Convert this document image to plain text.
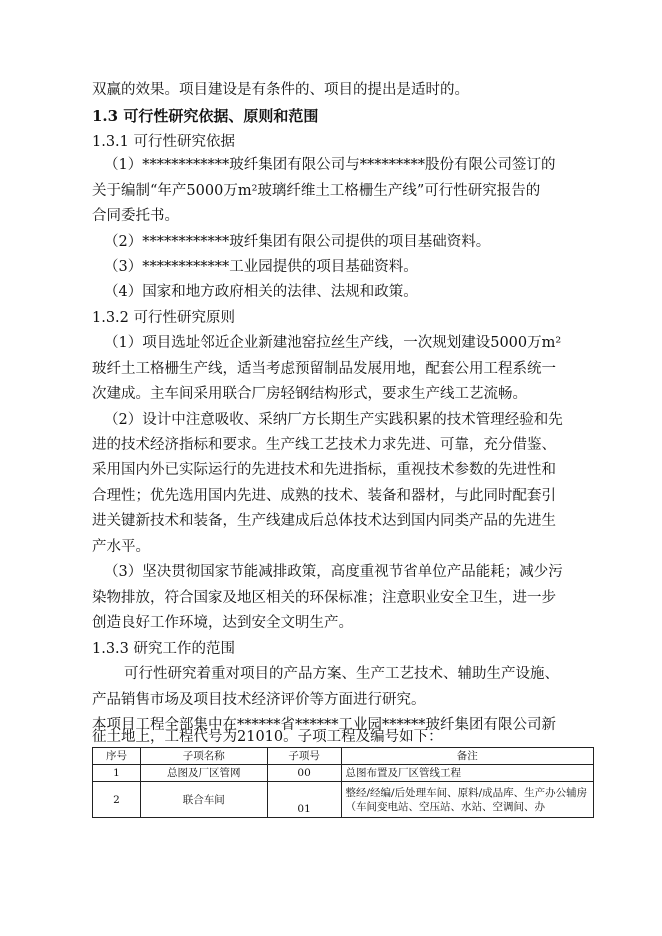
双赢的效果。项目建设是有条件的、项目的提出是适时的。
1.3 可行性研究依据、原则和范围
1.3.1 可行性研究依据
（1）************玻纤集团有限公司与*********股份有限公司签订的
关于编制“年产5000万m²玻璃纤维土工格栅生产线”可行性研究报告的
合同委托书。
（2）************玻纤集团有限公司提供的项目基础资料。
（3）************工业园提供的项目基础资料。
（4）国家和地方政府相关的法律、法规和政策。
1.3.2 可行性研究原则
（1）项目选址邻近企业新建池窑拉丝生产线，一次规划建设5000万m²
玻纤土工格栅生产线，适当考虑预留制品发展用地，配套公用工程系统一
次建成。主车间采用联合厂房轻钢结构形式，要求生产线工艺流畅。
（2）设计中注意吸收、采纳厂方长期生产实践积累的技术管理经验和先
进的技术经济指标和要求。生产线工艺技术力求先进、可靠，充分借鉴、
采用国内外已实际运行的先进技术和先进指标，重视技术参数的先进性和
合理性；优先选用国内先进、成熟的技术、装备和器材，与此同时配套引
进关键新技术和装备，生产线建成后总体技术达到国内同类产品的先进生
产水平。
（3）坚决贯彻国家节能减排政策，高度重视节省单位产品能耗；减少污
染物排放，符合国家及地区相关的环保标准；注意职业安全卫生，进一步
创造良好工作环境，达到安全文明生产。
1.3.3 研究工作的范围
可行性研究着重对项目的产品方案、生产工艺技术、辅助生产设施、
产品销售市场及项目技术经济评价等方面进行研究。
本项目工程全部集中在******省******工业园******玻纤集团有限公司新
征土地上，工程代号为21010。子项工程及编号如下：
序号	子项名称	子项号	备注
1	总图及厂区管网	00	总图布置及厂区管线工程
2	联合车间	01	整经/经编/后处理车间、原料/成品库、生产办公辅房（车间变电站、空压站、水站、空调间、办
